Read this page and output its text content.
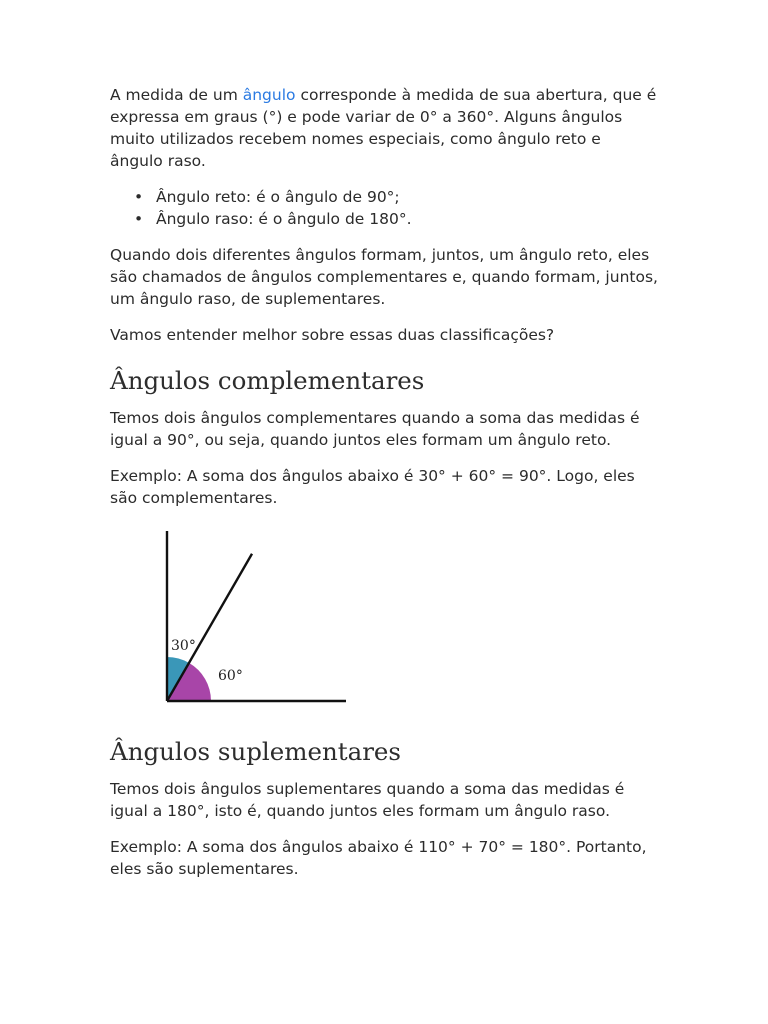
A medida de um ângulo corresponde à medida de sua abertura, que é expressa em graus (°) e pode variar de 0° a 360°. Alguns ângulos muito utilizados recebem nomes especiais, como ângulo reto e ângulo raso.

• Ângulo reto: é o ângulo de 90°;
• Ângulo raso: é o ângulo de 180°.

Quando dois diferentes ângulos formam, juntos, um ângulo reto, eles são chamados de ângulos complementares e, quando formam, juntos, um ângulo raso, de suplementares.

Vamos entender melhor sobre essas duas classificações?

Ângulos complementares

Temos dois ângulos complementares quando a soma das medidas é igual a 90°, ou seja, quando juntos eles formam um ângulo reto.

Exemplo: A soma dos ângulos abaixo é 30° + 60° = 90°. Logo, eles são complementares.

30°
60°
Ângulos suplementares

Temos dois ângulos suplementares quando a soma das medidas é igual a 180°, isto é, quando juntos eles formam um ângulo raso.

Exemplo: A soma dos ângulos abaixo é 110° + 70° = 180°. Portanto, eles são suplementares.
